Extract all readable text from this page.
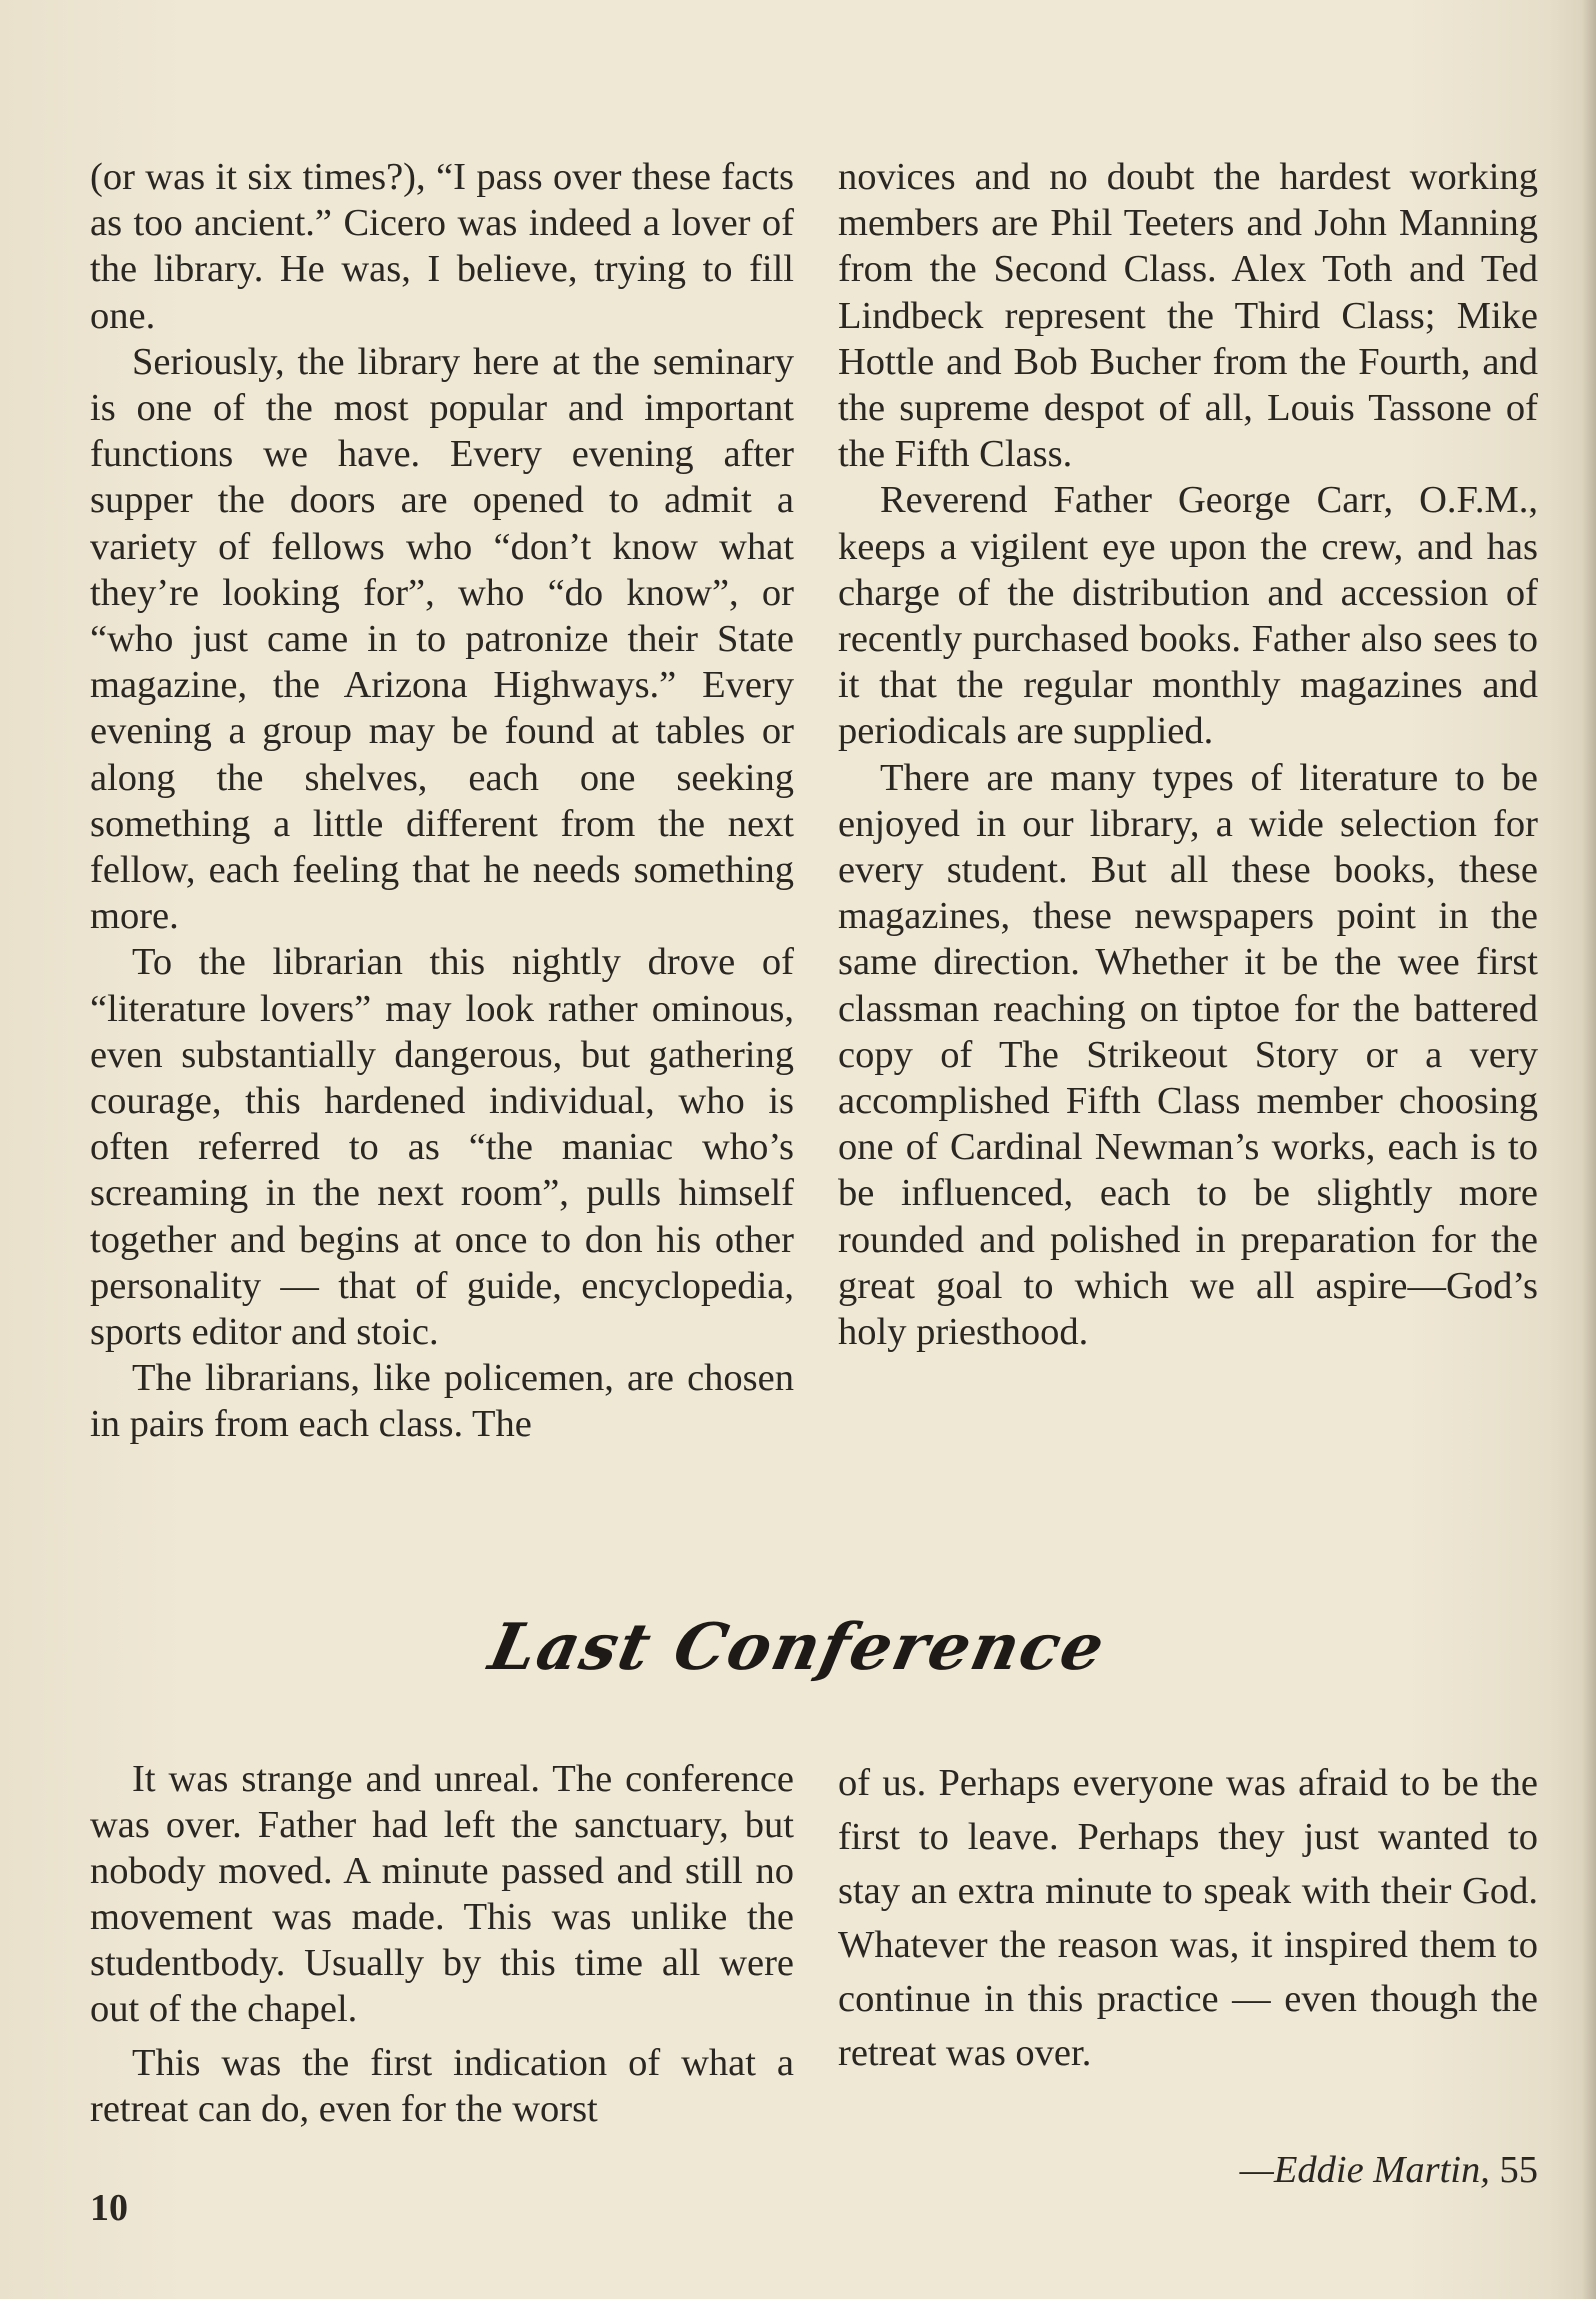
(or was it six times?), “I pass over these facts as too ancient.” Cicero was indeed a lover of the library. He was, I believe, trying to fill one.

Seriously, the library here at the seminary is one of the most popular and important functions we have. Every evening after supper the doors are opened to admit a variety of fellows who “don’t know what they’re looking for”, who “do know”, or “who just came in to patronize their State magazine, the Arizona Highways.” Every evening a group may be found at tables or along the shelves, each one seeking something a little different from the next fellow, each feeling that he needs something more.

To the librarian this nightly drove of “literature lovers” may look rather ominous, even substantially dangerous, but gathering courage, this hardened individual, who is often referred to as “the maniac who’s screaming in the next room”, pulls himself together and begins at once to don his other personality — that of guide, encyclopedia, sports editor and stoic.

The librarians, like policemen, are chosen in pairs from each class. The

novices and no doubt the hardest working members are Phil Teeters and John Manning from the Second Class. Alex Toth and Ted Lindbeck represent the Third Class; Mike Hottle and Bob Bucher from the Fourth, and the supreme despot of all, Louis Tassone of the Fifth Class.

Reverend Father George Carr, O.F.M., keeps a vigilent eye upon the crew, and has charge of the distribution and accession of recently purchased books. Father also sees to it that the regular monthly magazines and periodicals are supplied.

There are many types of literature to be enjoyed in our library, a wide selection for every student. But all these books, these magazines, these newspapers point in the same direction. Whether it be the wee first classman reaching on tiptoe for the battered copy of The Strikeout Story or a very accomplished Fifth Class member choosing one of Cardinal Newman’s works, each is to be influenced, each to be slightly more rounded and polished in preparation for the great goal to which we all aspire—God’s holy priesthood.

Last Conference

It was strange and unreal. The conference was over. Father had left the sanctuary, but nobody moved. A minute passed and still no movement was made. This was unlike the studentbody. Usually by this time all were out of the chapel.

This was the first indication of what a retreat can do, even for the worst

of us. Perhaps everyone was afraid to be the first to leave. Perhaps they just wanted to stay an extra minute to speak with their God. Whatever the reason was, it inspired them to continue in this practice — even though the retreat was over.

—Eddie Martin, 55
10
